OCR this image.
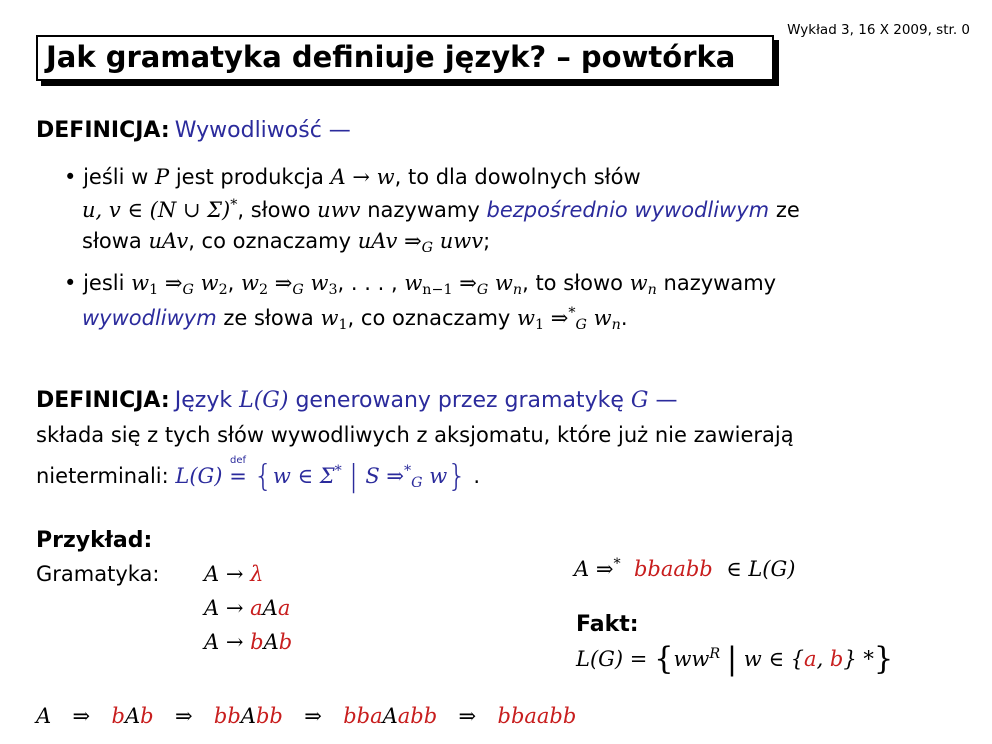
Wykład 3, 16 X 2009, str. 0
Jak gramatyka definiuje język? – powtórka
DEFINICJA: Wywodliwość —
• jeśli w P jest produkcja A → w, to dla dowolnych słów
u, v ∈ (N ∪ Σ)*, słowo uwv nazywamy bezpośrednio wywodliwym ze
słowa uAv, co oznaczamy uAv $\Rightarrow_G$ uwv;
• jesli $w_1$ $\Rightarrow_G$ $w_2$, $w_2$ $\Rightarrow_G$ $w_3$, . . . , $w_{n-1}$ $\Rightarrow_G$ $w_n$, to słowo $w_n$ nazywamy
wywodliwym ze słowa $w_1$, co oznaczamy $w_1$ $\Rightarrow^*_G$ $w_n$.
DEFINICJA: Język L(G) generowany przez gramatykę G —
składa się z tych słów wywodliwych z aksjomatu, które już nie zawierają
nieterminali: L(G)
def
= {w ∈ Σ* | S $\Rightarrow^*_G$ w} .
Przykład:
Gramatyka: A → λ
A → aAa
A → bAb
A ⇒* bbaabb ∈ L(G)
Fakt:
$L(G) = \{ww^R$ | w ∈ {a, b} *}
A ⇒ bAb ⇒ bbAbb ⇒ bbaAabb ⇒ bbaabb
